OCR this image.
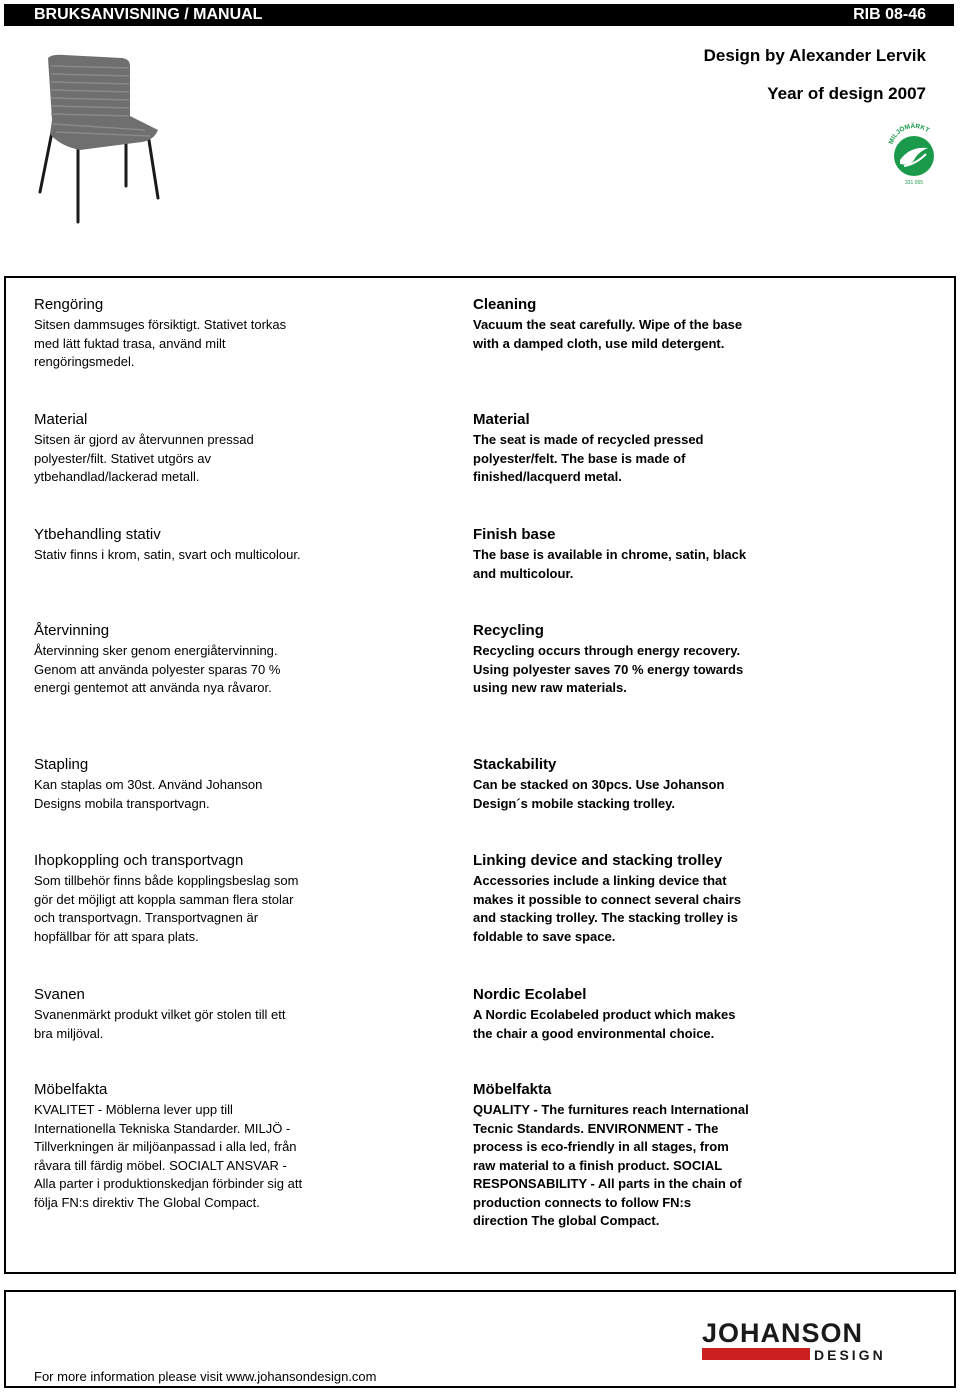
BRUKSANVISNING / MANUAL	RIB 08-46
Design by Alexander Lervik
Year of design 2007
MILJÖMÄRKT
331 055
Rengöring
Sitsen dammsuges försiktigt. Stativet torkas
med lätt fuktad trasa, använd milt
rengöringsmedel.
Cleaning
Vacuum the seat carefully. Wipe of the base
with a damped cloth, use mild detergent.
Material
Sitsen är gjord av återvunnen pressad
polyester/filt. Stativet utgörs av
ytbehandlad/lackerad metall.
Material
The seat is made of recycled pressed
polyester/felt. The base is made of
finished/lacquerd metal.
Ytbehandling stativ
Stativ finns i krom, satin, svart och multicolour.
Finish base
The base is available in chrome, satin, black
and multicolour.
Återvinning
Återvinning sker genom energiåtervinning.
Genom att använda polyester sparas 70 %
energi gentemot att använda nya råvaror.
Recycling
Recycling occurs through energy recovery.
Using polyester saves 70 % energy towards
using new raw materials.
Stapling
Kan staplas om 30st. Använd Johanson
Designs mobila transportvagn.
Stackability
Can be stacked on 30pcs. Use Johanson
Design´s mobile stacking trolley.
Ihopkoppling och transportvagn
Som tillbehör finns både kopplingsbeslag som
gör det möjligt att koppla samman flera stolar
och transportvagn. Transportvagnen är
hopfällbar för att spara plats.
Linking device and stacking trolley
Accessories include a linking device that
makes it possible to connect several chairs
and stacking trolley. The stacking trolley is
foldable to save space.
Svanen
Svanenmärkt produkt vilket gör stolen till ett
bra miljöval.
Nordic Ecolabel
A Nordic Ecolabeled product which makes
the chair a good environmental choice.
Möbelfakta
KVALITET - Möblerna lever upp till
Internationella Tekniska Standarder. MILJÖ -
Tillverkningen är miljöanpassad i alla led, från
råvara till färdig möbel. SOCIALT ANSVAR -
Alla parter i produktionskedjan förbinder sig att
följa FN:s direktiv The Global Compact.
Möbelfakta
QUALITY - The furnitures reach International
Tecnic Standards. ENVIRONMENT - The
process is eco-friendly in all stages, from
raw material to a finish product. SOCIAL
RESPONSABILITY - All parts in the chain of
production connects to follow FN:s
direction The global Compact.
JOHANSON
DESIGN
For more information please visit www.johansondesign.com
